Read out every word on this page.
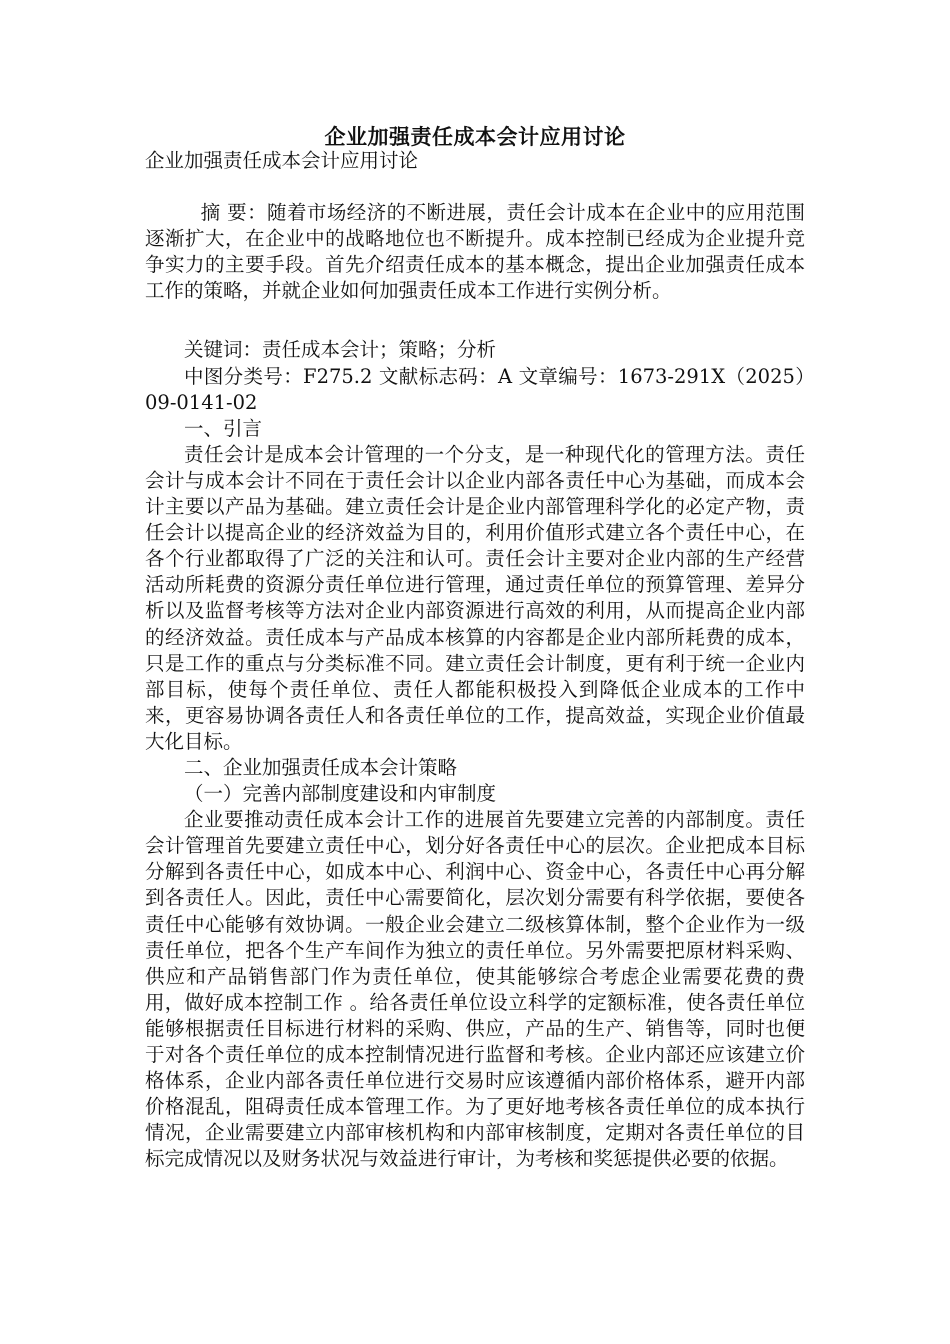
企业加强责任成本会计应用讨论

企业加强责任成本会计应用讨论

摘 要：随着市场经济的不断进展，责任会计成本在企业中的应用范围逐渐扩大，在企业中的战略地位也不断提升。成本控制已经成为企业提升竞争实力的主要手段。首先介绍责任成本的基本概念，提出企业加强责任成本工作的策略，并就企业如何加强责任成本工作进行实例分析。

关键词：责任成本会计；策略；分析

中图分类号：F275.2 文献标志码：A 文章编号：1673-291X（2025）09-0141-02

一、引言

责任会计是成本会计管理的一个分支，是一种现代化的管理方法。责任会计与成本会计不同在于责任会计以企业内部各责任中心为基础，而成本会计主要以产品为基础。建立责任会计是企业内部管理科学化的必定产物，责任会计以提高企业的经济效益为目的，利用价值形式建立各个责任中心，在各个行业都取得了广泛的关注和认可。责任会计主要对企业内部的生产经营活动所耗费的资源分责任单位进行管理，通过责任单位的预算管理、差异分析以及监督考核等方法对企业内部资源进行高效的利用，从而提高企业内部的经济效益。责任成本与产品成本核算的内容都是企业内部所耗费的成本，只是工作的重点与分类标准不同。建立责任会计制度，更有利于统一企业内部目标，使每个责任单位、责任人都能积极投入到降低企业成本的工作中来，更容易协调各责任人和各责任单位的工作，提高效益，实现企业价值最大化目标。

二、企业加强责任成本会计策略

（一）完善内部制度建设和内审制度

企业要推动责任成本会计工作的进展首先要建立完善的内部制度。责任会计管理首先要建立责任中心，划分好各责任中心的层次。企业把成本目标分解到各责任中心，如成本中心、利润中心、资金中心，各责任中心再分解到各责任人。因此，责任中心需要简化，层次划分需要有科学依据，要使各责任中心能够有效协调。一般企业会建立二级核算体制，整个企业作为一级责任单位，把各个生产车间作为独立的责任单位。另外需要把原材料采购、供应和产品销售部门作为责任单位，使其能够综合考虑企业需要花费的费用，做好成本控制工作 。给各责任单位设立科学的定额标准，使各责任单位能够根据责任目标进行材料的采购、供应，产品的生产、销售等，同时也便于对各个责任单位的成本控制情况进行监督和考核。企业内部还应该建立价格体系，企业内部各责任单位进行交易时应该遵循内部价格体系，避开内部价格混乱，阻碍责任成本管理工作。为了更好地考核各责任单位的成本执行情况，企业需要建立内部审核机构和内部审核制度，定期对各责任单位的目标完成情况以及财务状况与效益进行审计，为考核和奖惩提供必要的依据。
